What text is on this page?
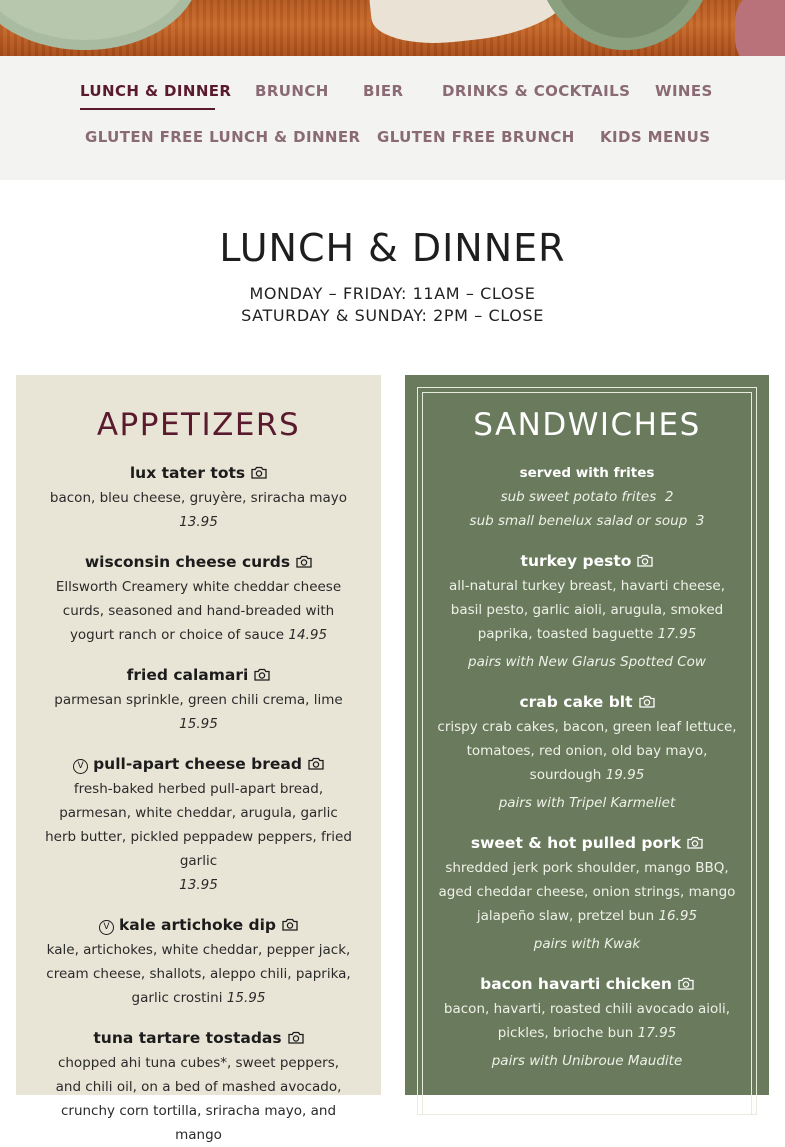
LUNCH & DINNER BRUNCH BIER	DRINKS & COCKTAILS WINES
GLUTEN FREE LUNCH & DINNER GLUTEN FREE BRUNCH KIDS MENUS
LUNCH & DINNER
MONDAY – FRIDAY: 11AM – CLOSE
SATURDAY & SUNDAY: 2PM – CLOSE
APPETIZERS
lux tater tots
bacon, bleu cheese, gruyère, sriracha mayo
13.95
wisconsin cheese curds
Ellsworth Creamery white cheddar cheese curds, seasoned and hand-breaded with yogurt ranch or choice of sauce 14.95
fried calamari
parmesan sprinkle, green chili crema, lime
15.95
V pull-apart cheese bread
fresh-baked herbed pull-apart bread, parmesan, white cheddar, arugula, garlic herb butter, pickled peppadew peppers, fried garlic
13.95
V kale artichoke dip
kale, artichokes, white cheddar, pepper jack, cream cheese, shallots, aleppo chili, paprika, garlic crostini 15.95
tuna tartare tostadas
chopped ahi tuna cubes*, sweet peppers, and chili oil, on a bed of mashed avocado, crunchy corn tortilla, sriracha mayo, and mango
SANDWICHES
served with frites
sub sweet potato frites 2
sub small benelux salad or soup 3
turkey pesto
all-natural turkey breast, havarti cheese, basil pesto, garlic aioli, arugula, smoked paprika, toasted baguette 17.95
pairs with New Glarus Spotted Cow
crab cake blt
crispy crab cakes, bacon, green leaf lettuce, tomatoes, red onion, old bay mayo, sourdough 19.95
pairs with Tripel Karmeliet
sweet & hot pulled pork
shredded jerk pork shoulder, mango BBQ, aged cheddar cheese, onion strings, mango jalapeño slaw, pretzel bun 16.95
pairs with Kwak
bacon havarti chicken
bacon, havarti, roasted chili avocado aioli, pickles, brioche bun 17.95
pairs with Unibroue Maudite
